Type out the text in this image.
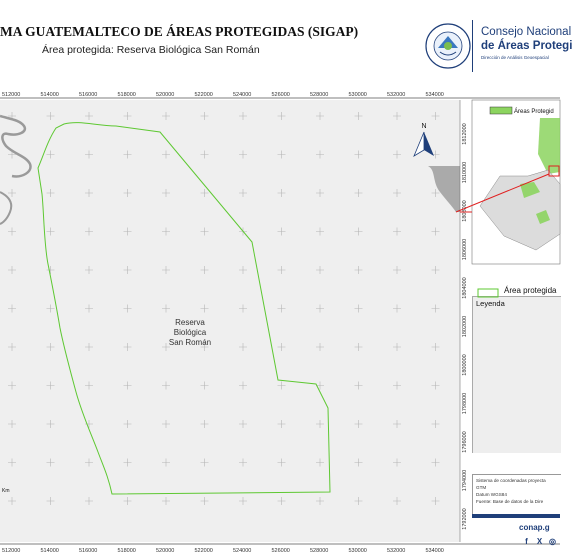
MA GUATEMALTECO DE ÁREAS PROTEGIDAS (SIGAP)
Área protegida: Reserva Biológica San Román
Consejo Nacional
de Áreas Protegi
Dirección de Análisis Geoespacial
Reserva
Biológica
San Román
N
Km
512000	514000	516000	518000	520000	522000	524000	526000	528000	530000	532000	534000
512000	514000	516000	518000	520000	522000	524000	526000	528000	530000	532000	534000
1812000
1810000
1808000
1806000
1804000
1802000
1800000
1798000
1796000
1794000
1792000
Áreas Protegid
Leyenda
Área protegida
Sistema de coordenadas proyecta
GTM
Datum WGS84
Fuente: Base de datos de la Dire
conap.g
f	X ◎
